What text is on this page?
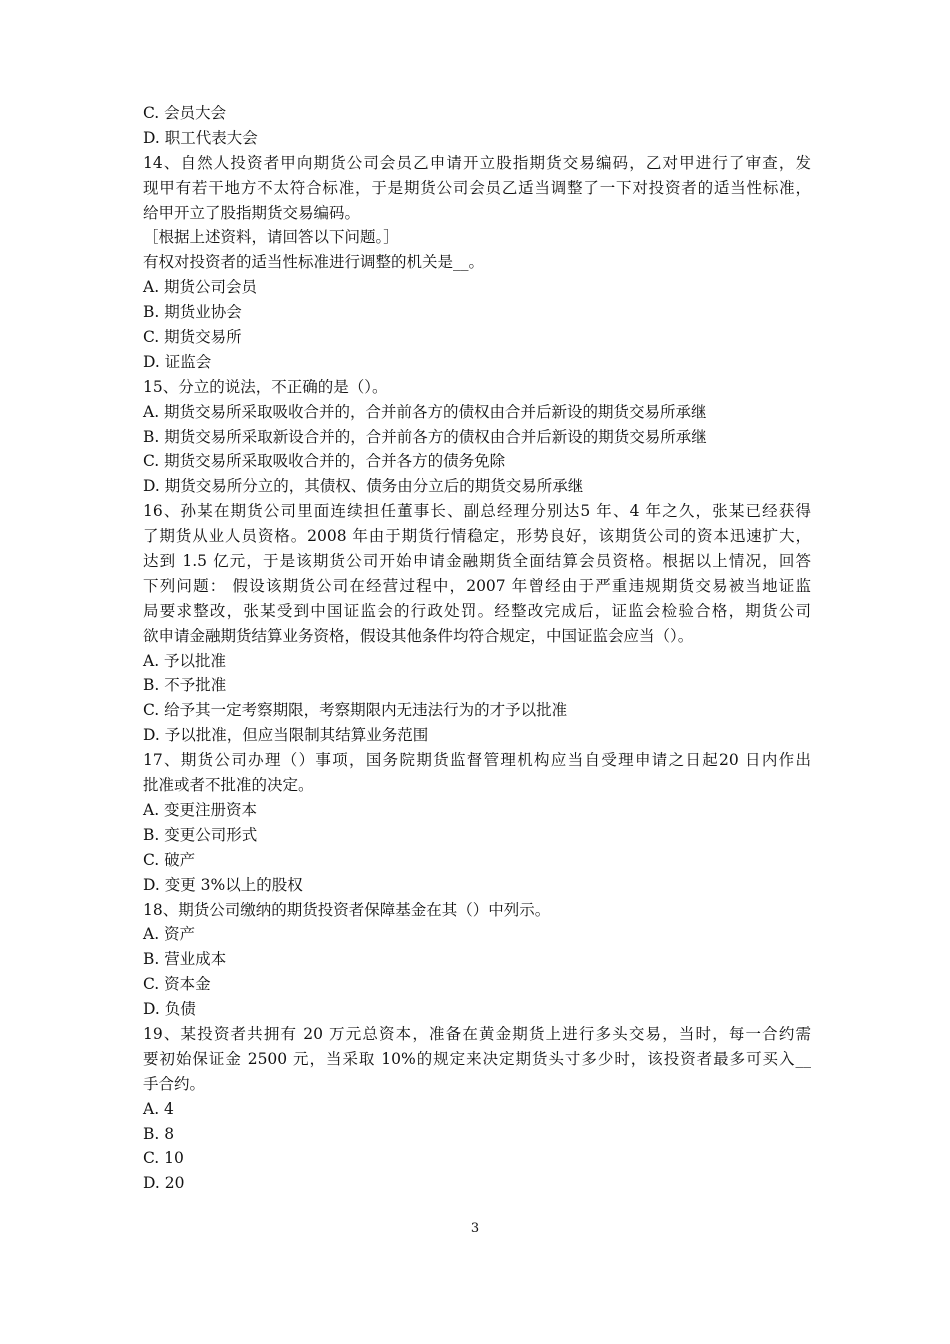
C. 会员大会
D. 职工代表大会
14、自然人投资者甲向期货公司会员乙申请开立股指期货交易编码，乙对甲进行了审查，发
现甲有若干地方不太符合标准，于是期货公司会员乙适当调整了一下对投资者的适当性标准，
给甲开立了股指期货交易编码。
［根据上述资料，请回答以下问题。］
有权对投资者的适当性标准进行调整的机关是__。
A. 期货公司会员
B. 期货业协会
C. 期货交易所
D. 证监会
15、分立的说法，不正确的是（）。
A. 期货交易所采取吸收合并的，合并前各方的债权由合并后新设的期货交易所承继
B. 期货交易所采取新设合并的，合并前各方的债权由合并后新设的期货交易所承继
C. 期货交易所采取吸收合并的，合并各方的债务免除
D. 期货交易所分立的，其债权、债务由分立后的期货交易所承继
16、孙某在期货公司里面连续担任董事长、副总经理分别达5 年、4 年之久，张某已经获得
了期货从业人员资格。2008 年由于期货行情稳定，形势良好，该期货公司的资本迅速扩大，
达到 1.5 亿元，于是该期货公司开始申请金融期货全面结算会员资格。根据以上情况，回答
下列问题： 假设该期货公司在经营过程中，2007 年曾经由于严重违规期货交易被当地证监
局要求整改，张某受到中国证监会的行政处罚。经整改完成后，证监会检验合格，期货公司
欲申请金融期货结算业务资格，假设其他条件均符合规定，中国证监会应当（）。
A. 予以批准
B. 不予批准
C. 给予其一定考察期限，考察期限内无违法行为的才予以批准
D. 予以批准，但应当限制其结算业务范围
17、期货公司办理（）事项，国务院期货监督管理机构应当自受理申请之日起20 日内作出
批准或者不批准的决定。
A. 变更注册资本
B. 变更公司形式
C. 破产
D. 变更 3%以上的股权
18、期货公司缴纳的期货投资者保障基金在其（）中列示。
A. 资产
B. 营业成本
C. 资本金
D. 负债
19、某投资者共拥有 20 万元总资本，准备在黄金期货上进行多头交易，当时，每一合约需
要初始保证金 2500 元，当采取 10%的规定来决定期货头寸多少时，该投资者最多可买入__
手合约。
A. 4
B. 8
C. 10
D. 20
3
